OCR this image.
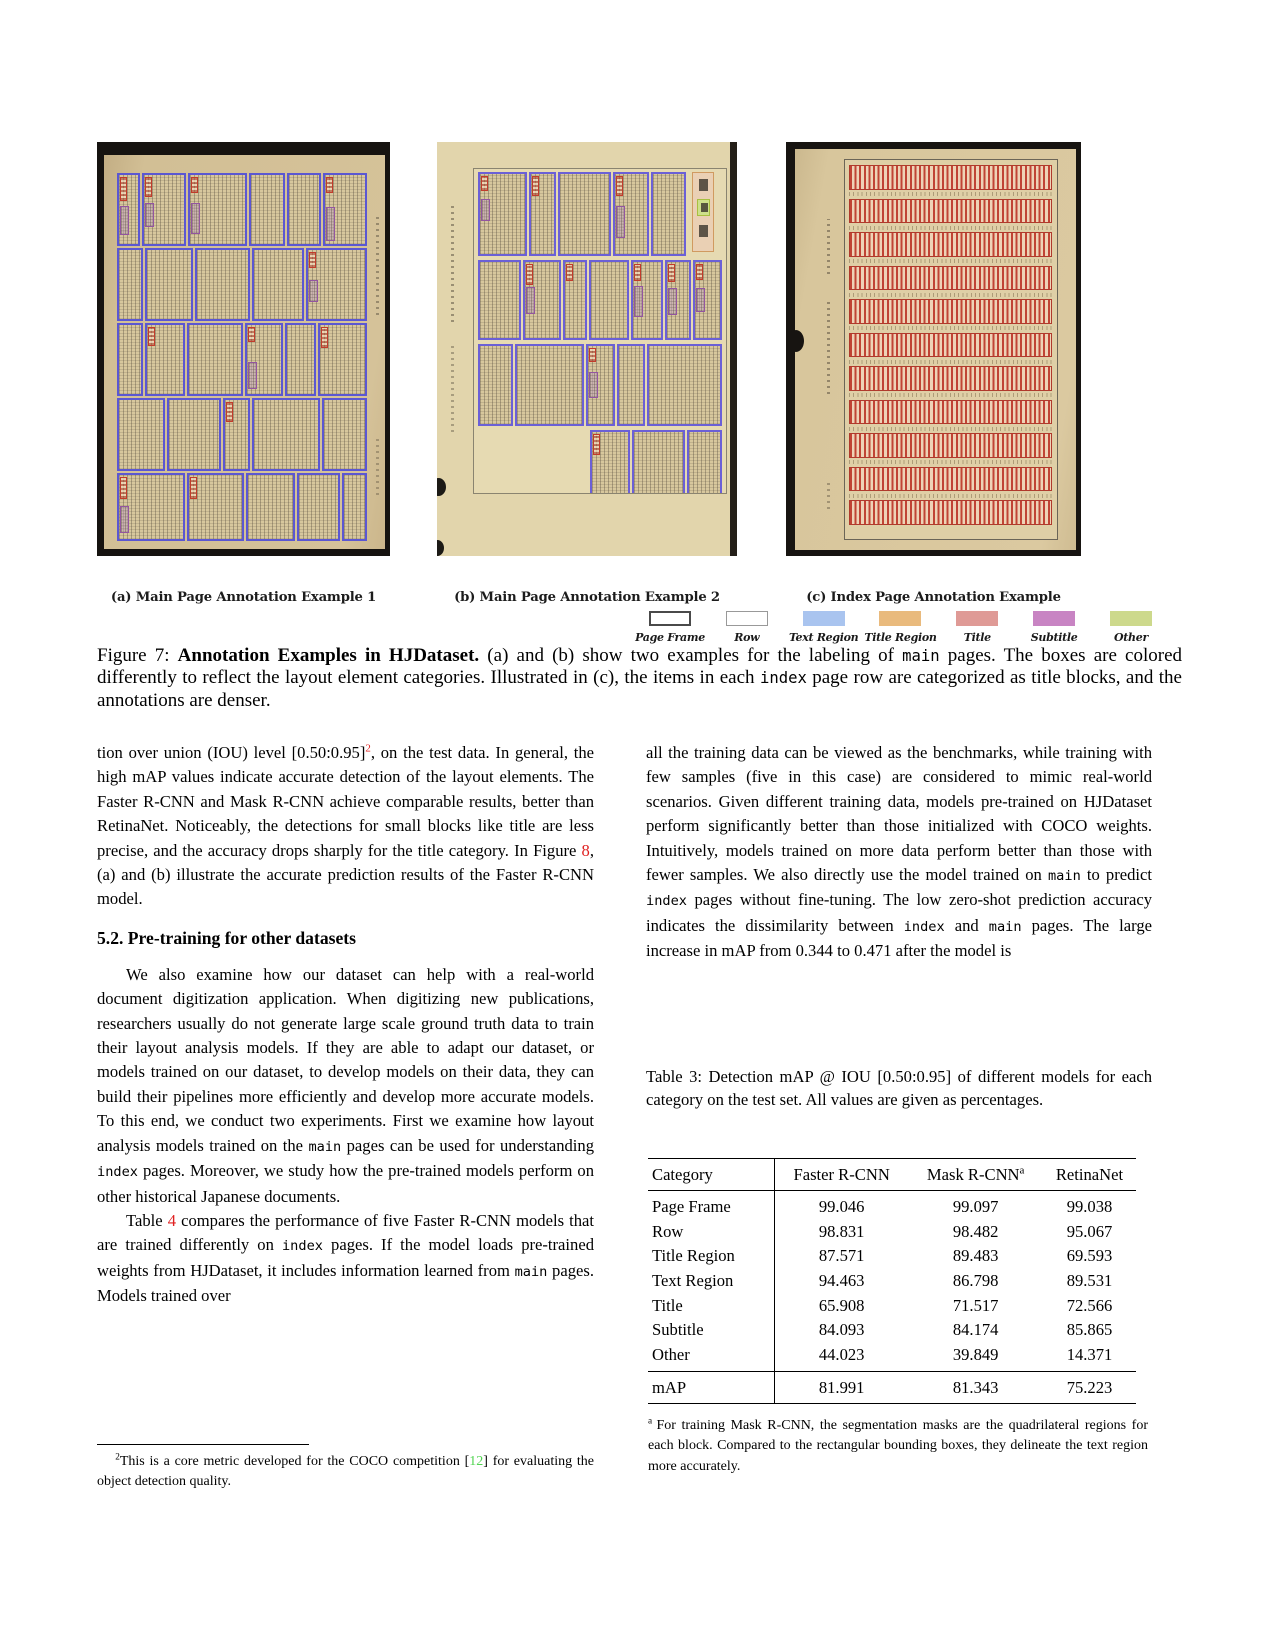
(a) Main Page Annotation Example 1	(b) Main Page Annotation Example 2	(c) Index Page Annotation Example
Page Frame	Row	Text Region Title Region Title	Subtitle	Other
Figure 7: Annotation Examples in HJDataset. (a) and (b) show two examples for the labeling of main pages. The boxes are colored differently to reflect the layout element categories. Illustrated in (c), the items in each index page row are categorized as title blocks, and the annotations are denser.

tion over union (IOU) level [0.50:0.95]$^2$, on the test data. In general, the high mAP values indicate accurate detection of the layout elements. The Faster R-CNN and Mask R-CNN achieve comparable results, better than RetinaNet. Noticeably, the detections for small blocks like title are less precise, and the accuracy drops sharply for the title category. In Figure 8, (a) and (b) illustrate the accurate prediction results of the Faster R-CNN model.

5.2. Pre-training for other datasets

We also examine how our dataset can help with a real-world document digitization application. When digitizing new publications, researchers usually do not generate large scale ground truth data to train their layout analysis models. If they are able to adapt our dataset, or models trained on our dataset, to develop models on their data, they can build their pipelines more efficiently and develop more accurate models. To this end, we conduct two experiments. First we examine how layout analysis models trained on the main pages can be used for understanding index pages. Moreover, we study how the pre-trained models perform on other historical Japanese documents.

Table 4 compares the performance of five Faster R-CNN models that are trained differently on index pages. If the model loads pre-trained weights from HJDataset, it includes information learned from main pages. Models trained over

$^2$This is a core metric developed for the COCO competition [12] for evaluating the object detection quality.

all the training data can be viewed as the benchmarks, while training with few samples (five in this case) are considered to mimic real-world scenarios. Given different training data, models pre-trained on HJDataset perform significantly better than those initialized with COCO weights. Intuitively, models trained on more data perform better than those with fewer samples. We also directly use the model trained on main to predict index pages without fine-tuning. The low zero-shot prediction accuracy indicates the dissimilarity between index and main pages. The large increase in mAP from 0.344 to 0.471 after the model is

Table 3: Detection mAP @ IOU [0.50:0.95] of different models for each category on the test set. All values are given as percentages.
Category	Faster R-CNN	Mask R-CNN$^a$	RetinaNet
Page Frame	99.046	99.097	99.038
Row	98.831	98.482	95.067
Title Region	87.571	89.483	69.593
Text Region	94.463	86.798	89.531
Title	65.908	71.517	72.566
Subtitle	84.093	84.174	85.865
Other	44.023	39.849	14.371
mAP	81.991	81.343	75.223
$^a$ For training Mask R-CNN, the segmentation masks are the quadrilateral regions for each block. Compared to the rectangular bounding boxes, they delineate the text region more accurately.
